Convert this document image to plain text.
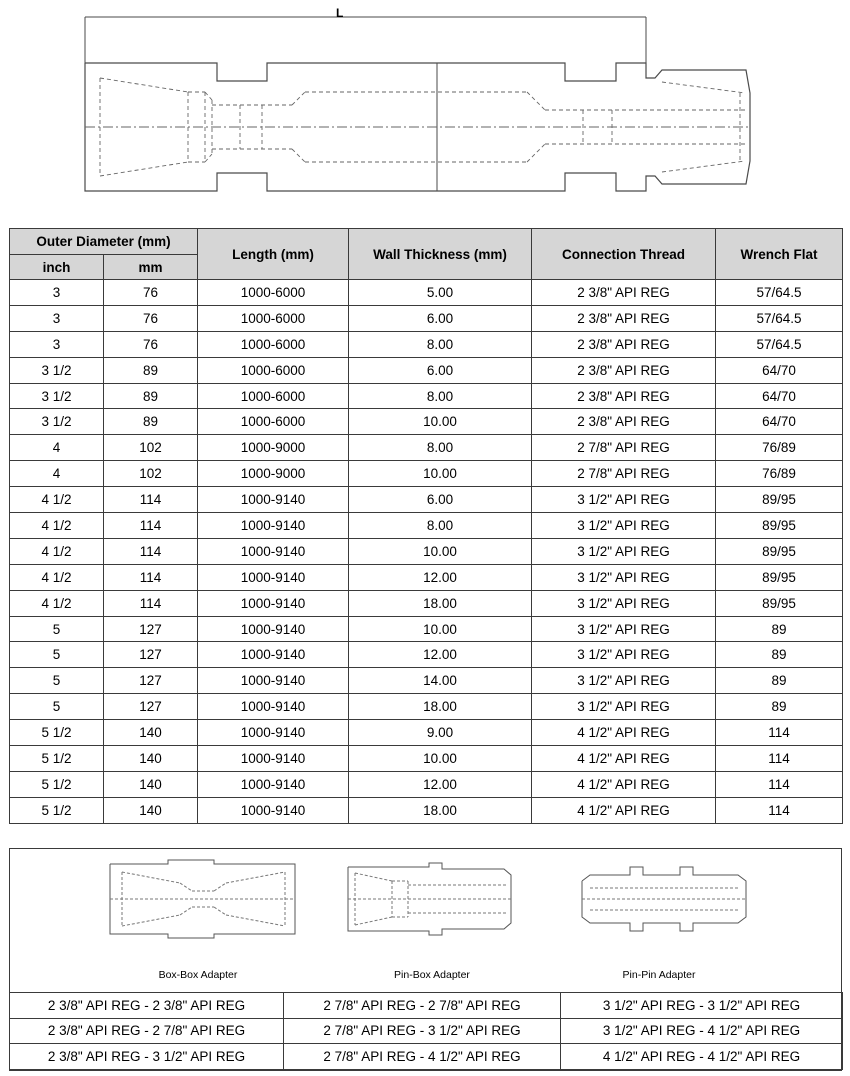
L
Outer Diameter (mm)		Length (mm)	Wall Thickness (mm)	Connection Thread	Wrench Flat
inch	mm				
3	76	1000-6000	5.00	2 3/8" API REG	57/64.5
3	76	1000-6000	6.00	2 3/8" API REG	57/64.5
3	76	1000-6000	8.00	2 3/8" API REG	57/64.5
3 1/2	89	1000-6000	6.00	2 3/8" API REG	64/70
3 1/2	89	1000-6000	8.00	2 3/8" API REG	64/70
3 1/2	89	1000-6000	10.00	2 3/8" API REG	64/70
4	102	1000-9000	8.00	2 7/8" API REG	76/89
4	102	1000-9000	10.00	2 7/8" API REG	76/89
4 1/2	114	1000-9140	6.00	3 1/2" API REG	89/95
4 1/2	114	1000-9140	8.00	3 1/2" API REG	89/95
4 1/2	114	1000-9140	10.00	3 1/2" API REG	89/95
4 1/2	114	1000-9140	12.00	3 1/2" API REG	89/95
4 1/2	114	1000-9140	18.00	3 1/2" API REG	89/95
5	127	1000-9140	10.00	3 1/2" API REG	89
5	127	1000-9140	12.00	3 1/2" API REG	89
5	127	1000-9140	14.00	3 1/2" API REG	89
5	127	1000-9140	18.00	3 1/2" API REG	89
5 1/2	140	1000-9140	9.00	4 1/2" API REG	114
5 1/2	140	1000-9140	10.00	4 1/2" API REG	114
5 1/2	140	1000-9140	12.00	4 1/2" API REG	114
5 1/2	140	1000-9140	18.00	4 1/2" API REG	114
Box-Box Adapter	Pin-Box Adapter	Pin-Pin Adapter
2 3/8" API REG - 2 3/8" API REG	2 7/8" API REG - 2 7/8" API REG	3 1/2" API REG - 3 1/2" API REG
2 3/8" API REG - 2 7/8" API REG	2 7/8" API REG - 3 1/2" API REG	3 1/2" API REG - 4 1/2" API REG
2 3/8" API REG - 3 1/2" API REG	2 7/8" API REG - 4 1/2" API REG	4 1/2" API REG - 4 1/2" API REG
